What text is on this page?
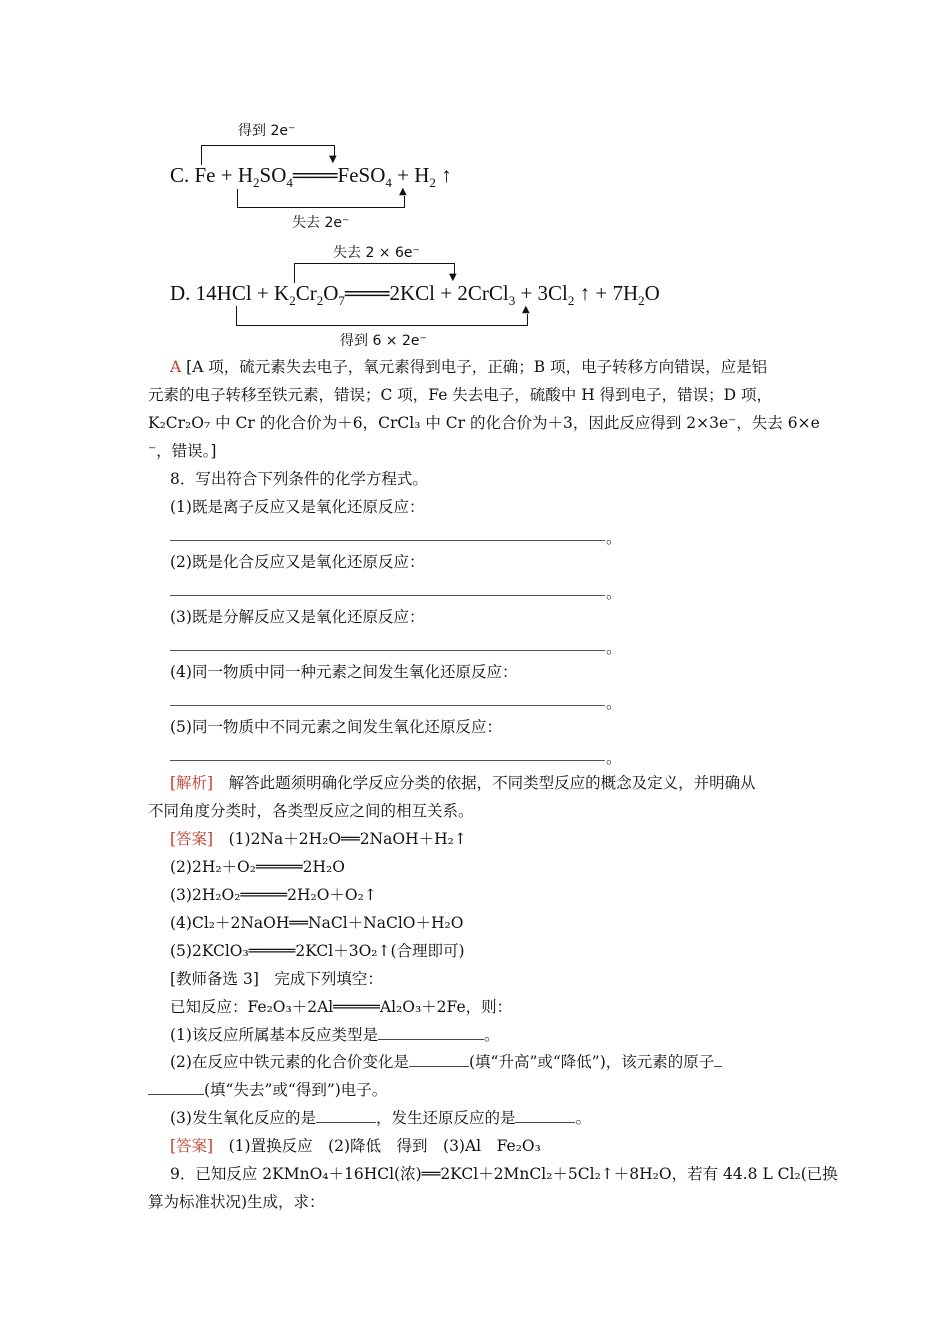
得到 2e⁻
▼
C. $Fe + H_2SO_4═══FeSO_4 + H_2$ ↑
▲
失去 2e⁻
失去 2 × 6e⁻
▼
D. $14HCl + K_2Cr_2O_7═══2KCl$ + 2CrCl$_3$ + $3Cl_2$ ↑ + $7H_2O$
▲
得到 6 × 2e⁻
A [A 项，硫元素失去电子，氧元素得到电子，正确；B 项，电子转移方向错误，应是铝
元素的电子转移至铁元素，错误；C 项，Fe 失去电子，硫酸中 H 得到电子，错误；D 项，
K₂Cr₂O₇ 中 Cr 的化合价为＋6，CrCl₃ 中 Cr 的化合价为＋3，因此反应得到 2×3e⁻，失去 6×e
⁻，错误。]
8．写出符合下列条件的化学方程式。
(1)既是离子反应又是氧化还原反应：
。
(2)既是化合反应又是氧化还原反应：
。
(3)既是分解反应又是氧化还原反应：
。
(4)同一物质中同一种元素之间发生氧化还原反应：
。
(5)同一物质中不同元素之间发生氧化还原反应：
。
[解析]　解答此题须明确化学反应分类的依据，不同类型反应的概念及定义，并明确从
不同角度分类时，各类型反应之间的相互关系。
[答案]　(1)2Na＋2H₂O══2NaOH＋H₂↑
(2)2H₂＋O₂═════2H₂O
(3)2H₂O₂═════2H₂O＋O₂↑
(4)Cl₂＋2NaOH══NaCl＋NaClO＋H₂O
(5)2KClO₃═════2KCl＋3O₂↑(合理即可)
[教师备选 3]　完成下列填空：
已知反应：Fe₂O₃＋2Al═════Al₂O₃＋2Fe，则：
(1)该反应所属基本反应类型是	。
(2)在反应中铁元素的化合价变化是	(填“升高”或“降低”)，该元素的原子
(填“失去”或“得到”)电子。
(3)发生氧化反应的是	，发生还原反应的是	。
[答案]　(1)置换反应　(2)降低　得到　(3)Al　Fe₂O₃
9．已知反应 2KMnO₄＋16HCl(浓)══2KCl＋2MnCl₂＋5Cl₂↑＋8H₂O，若有 44.8 L Cl₂(已换
算为标准状况)生成，求：
